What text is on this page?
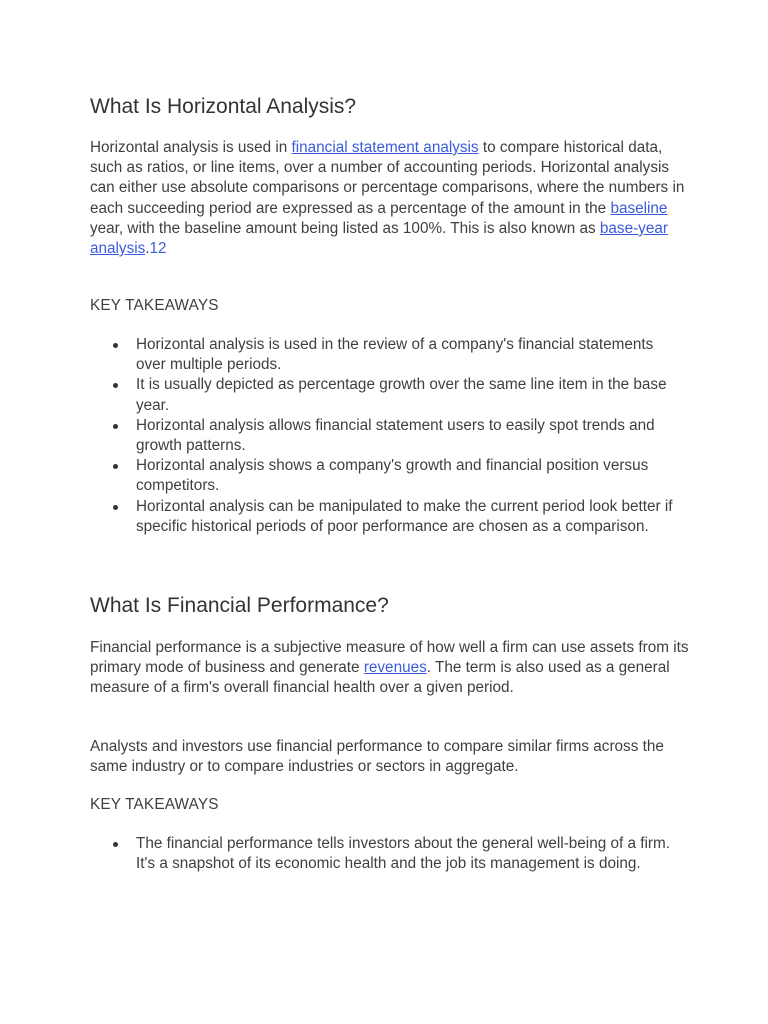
What Is Horizontal Analysis?

Horizontal analysis is used in financial statement analysis to compare historical data, such as ratios, or line items, over a number of accounting periods. Horizontal analysis can either use absolute comparisons or percentage comparisons, where the numbers in each succeeding period are expressed as a percentage of the amount in the baseline year, with the baseline amount being listed as 100%. This is also known as base-year analysis.12

KEY TAKEAWAYS
Horizontal analysis is used in the review of a company's financial statements over multiple periods.
It is usually depicted as percentage growth over the same line item in the base year.
Horizontal analysis allows financial statement users to easily spot trends and growth patterns.
Horizontal analysis shows a company's growth and financial position versus competitors.
Horizontal analysis can be manipulated to make the current period look better if specific historical periods of poor performance are chosen as a comparison.
What Is Financial Performance?

Financial performance is a subjective measure of how well a firm can use assets from its primary mode of business and generate revenues. The term is also used as a general measure of a firm's overall financial health over a given period.

Analysts and investors use financial performance to compare similar firms across the same industry or to compare industries or sectors in aggregate.

KEY TAKEAWAYS
The financial performance tells investors about the general well-being of a firm. It's a snapshot of its economic health and the job its management is doing.
